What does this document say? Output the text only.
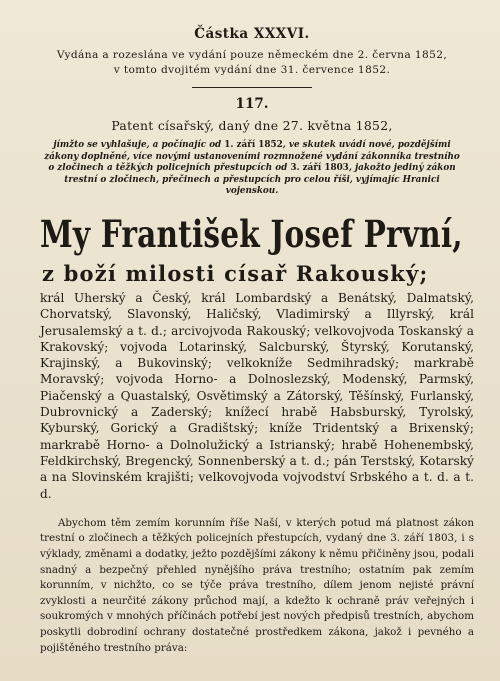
Částka XXXVI.
Vydána a rozeslána ve vydání pouze německém dne 2. června 1852,
v tomto dvojitém vydání dne 31. července 1852.
117.
Patent císařský, daný dne 27. května 1852,
jímžto se vyhlašuje, a počínajíc od 1. září 1852, ve skutek uvádí nové, pozdějšími zákony doplněné, více novými ustanoveními rozmnožené vydání zákonníka trestního o zločinech a těžkých policejních přestupcích od 3. září 1803, jakožto jediný zákon trestní o zločinech, přečinech a přestupcích pro celou říši, vyjímajíc Hranici vojenskou.
My František Josef První,
z boží milosti císař Rakouský;
král Uherský a Český, král Lombardský a Benátský, Dalmatský, Chorvatský, Slavonský, Haličský, Vladimirský a Illyrský, král Jerusalemský a t. d.; arcivojvoda Rakouský; velkovojvoda Toskanský a Krakovský; vojvoda Lotarinský, Salcburský, Štyrský, Korutanský, Krajinský, a Bukovinský; velkokníže Sedmihradský; markrabě Moravský; vojvoda Horno- a Dolnoslezský, Modenský, Parmský, Piačenský a Quastalský, Osvětimský a Zátorský, Těšínský, Furlanský, Dubrovnický a Zaderský; knížecí hrabě Habsburský, Tyrolský, Kyburský, Gorický a Gradištský; kníže Tridentský a Brixenský; markrabě Horno- a Dolnolužický a Istrianský; hrabě Hohenembský, Feldkirchský, Bregencký, Sonnenberský a t. d.; pán Terstský, Kotarský a na Slovinském krajišti; velkovojvoda vojvodství Srbského a t. d. a t. d.
Abychom těm zemím korunním říše Naší, v kterých potud má platnost zákon trestní o zločinech a těžkých policejních přestupcích, vydaný dne 3. září 1803, i s výklady, změnami a dodatky, ježto pozdějšími zákony k němu přičiněny jsou, podali snadný a bezpečný přehled nynějšího práva trestního; ostatním pak zemím korunním, v nichžto, co se týče práva trestního, dílem jenom nejisté právní zvyklosti a neurčité zákony průchod mají, a kdežto k ochraně práv veřejných i soukromých v mnohých příčinách potřebí jest nových předpisů trestních, abychom poskytli dobrodiní ochrany dostatečné prostředkem zákona, jakož i pevného a pojištěného trestního práva:
